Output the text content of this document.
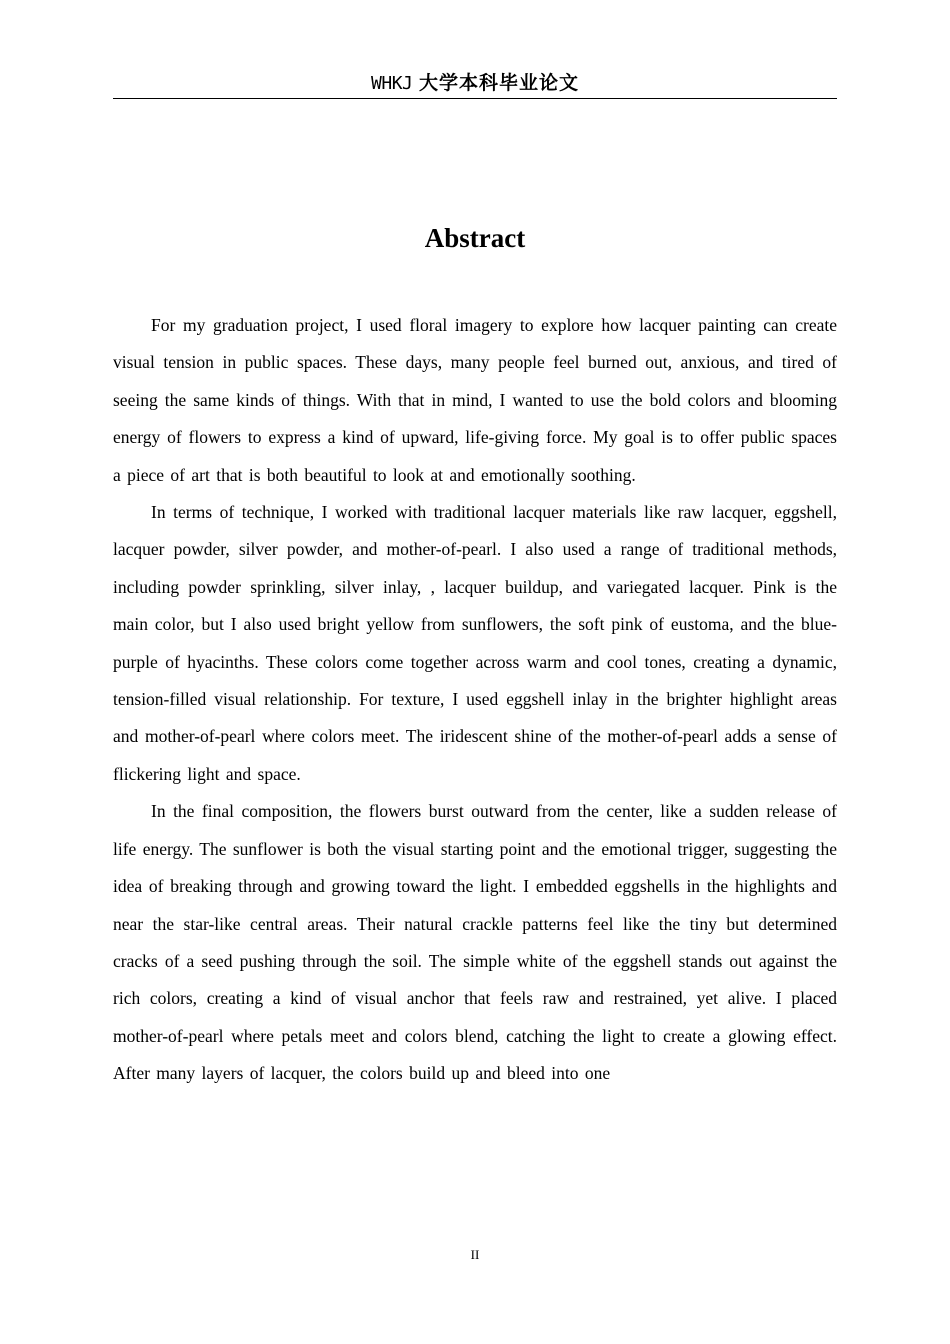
WHKJ 大学本科毕业论文
Abstract

For my graduation project, I used floral imagery to explore how lacquer painting can create visual tension in public spaces. These days, many people feel burned out, anxious, and tired of seeing the same kinds of things. With that in mind, I wanted to use the bold colors and blooming energy of flowers to express a kind of upward, life-giving force. My goal is to offer public spaces a piece of art that is both beautiful to look at and emotionally soothing.

In terms of technique, I worked with traditional lacquer materials like raw lacquer, eggshell, lacquer powder, silver powder, and mother-of-pearl. I also used a range of traditional methods, including powder sprinkling, silver inlay, , lacquer buildup, and variegated lacquer. Pink is the main color, but I also used bright yellow from sunflowers, the soft pink of eustoma, and the blue-purple of hyacinths. These colors come together across warm and cool tones, creating a dynamic, tension-filled visual relationship. For texture, I used eggshell inlay in the brighter highlight areas and mother-of-pearl where colors meet. The iridescent shine of the mother-of-pearl adds a sense of flickering light and space.

In the final composition, the flowers burst outward from the center, like a sudden release of life energy. The sunflower is both the visual starting point and the emotional trigger, suggesting the idea of breaking through and growing toward the light. I embedded eggshells in the highlights and near the star-like central areas. Their natural crackle patterns feel like the tiny but determined cracks of a seed pushing through the soil. The simple white of the eggshell stands out against the rich colors, creating a kind of visual anchor that feels raw and restrained, yet alive. I placed mother-of-pearl where petals meet and colors blend, catching the light to create a glowing effect. After many layers of lacquer, the colors build up and bleed into one

II
